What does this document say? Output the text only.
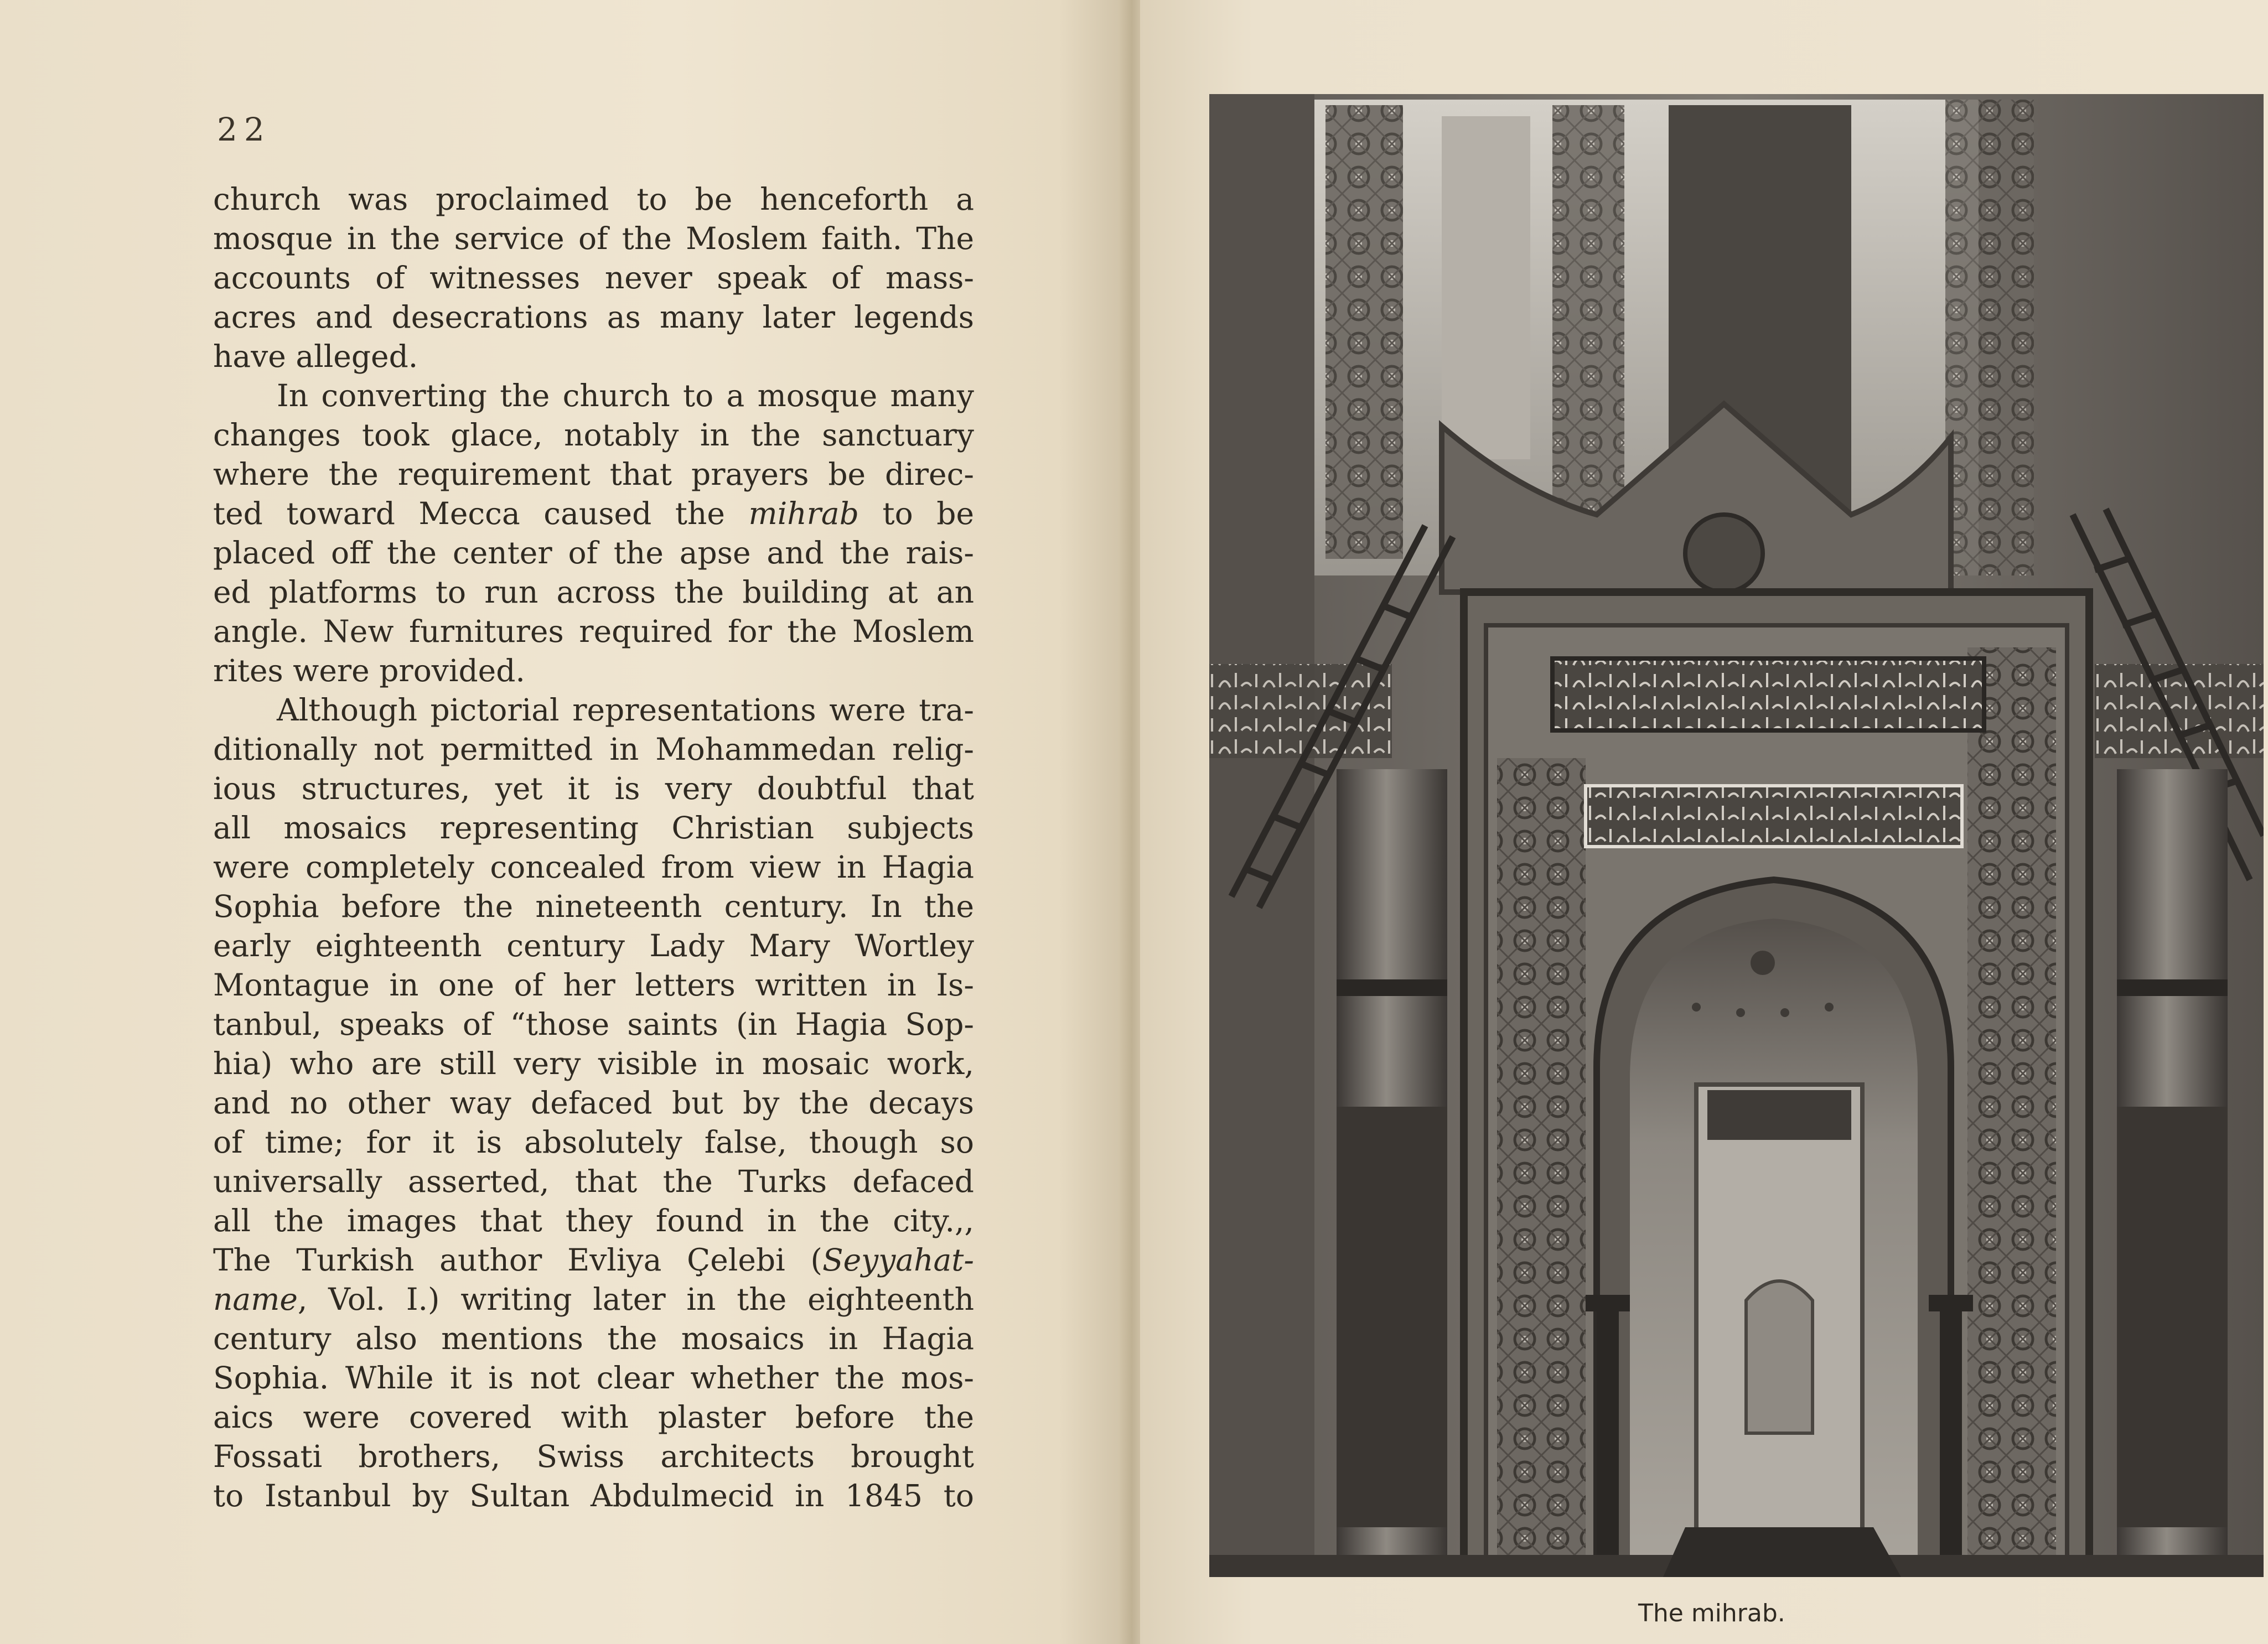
22
church was proclaimed to be henceforth a
mosque in the service of the Moslem faith. The
accounts of witnesses never speak of mass-
acres and desecrations as many later legends
have alleged.
In converting the church to a mosque many
changes took glace, notably in the sanctuary
where the requirement that prayers be direc-
ted toward Mecca caused the mihrab to be
placed off the center of the apse and the rais-
ed platforms to run across the building at an
angle. New furnitures required for the Moslem
rites were provided.
Although pictorial representations were tra-
ditionally not permitted in Mohammedan relig-
ious structures, yet it is very doubtful that
all mosaics representing Christian subjects
were completely concealed from view in Hagia
Sophia before the nineteenth century. In the
early eighteenth century Lady Mary Wortley
Montague in one of her letters written in Is-
tanbul, speaks of “those saints (in Hagia Sop-
hia) who are still very visible in mosaic work,
and no other way defaced but by the decays
of time; for it is absolutely false, though so
universally asserted, that the Turks defaced
all the images that they found in the city.,,
The Turkish author Evliya Çelebi (Seyyahat-
name, Vol. I.) writing later in the eighteenth
century also mentions the mosaics in Hagia
Sophia. While it is not clear whether the mos-
aics were covered with plaster before the
Fossati brothers, Swiss architects brought
to Istanbul by Sultan Abdulmecid in 1845 to
The mihrab.
